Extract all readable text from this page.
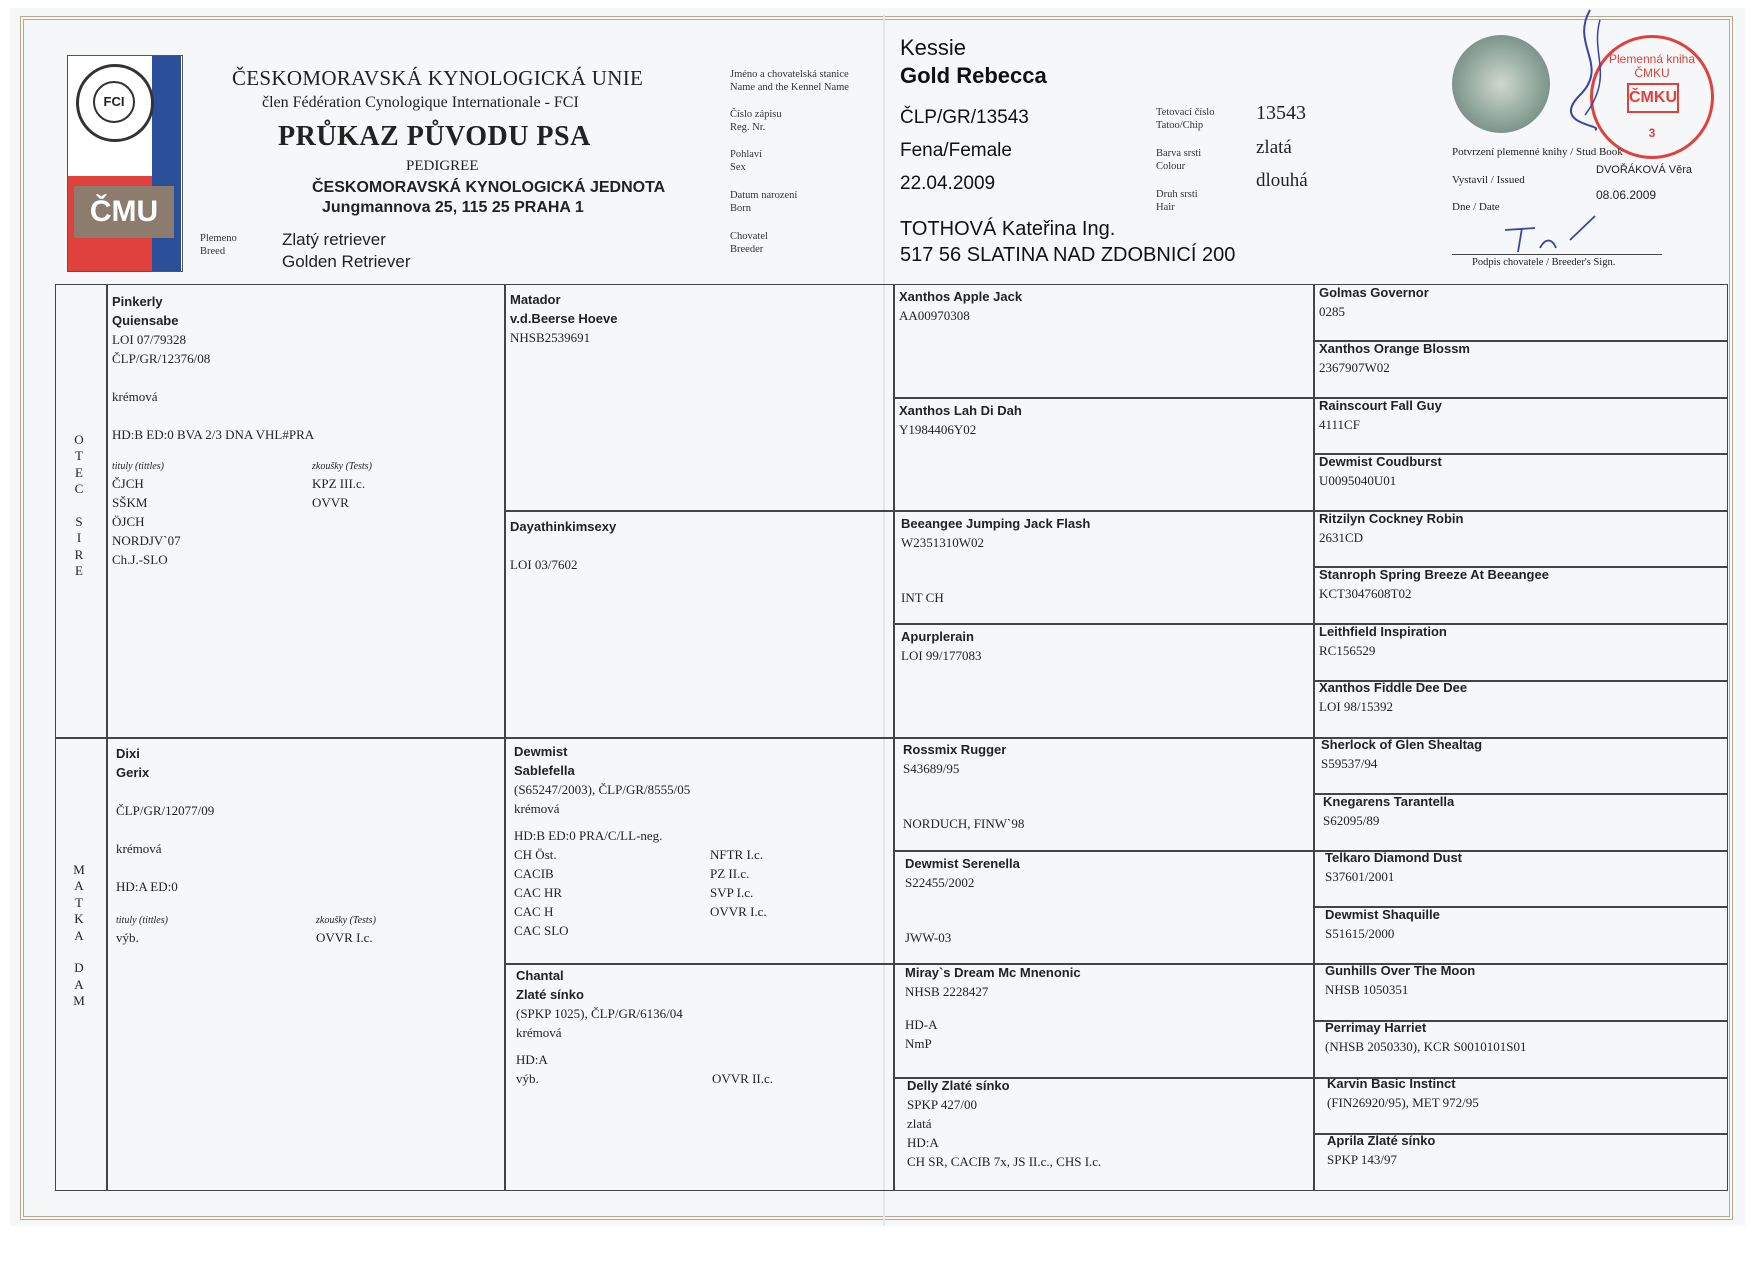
FCI
ČMU
ČESKOMORAVSKÁ KYNOLOGICKÁ UNIE
člen Fédération Cynologique Internationale - FCI
PRŮKAZ PŮVODU PSA
PEDIGREE
ČESKOMORAVSKÁ KYNOLOGICKÁ JEDNOTA
Jungmannova 25, 115 25 PRAHA 1
Plemeno
Breed
Zlatý retriever
Golden Retriever
Jméno a chovatelská stanice
Name and the Kennel Name
Číslo zápisu
Reg. Nr.
Pohlaví
Sex
Datum narození
Born
Chovatel
Breeder
Kessie
Gold Rebecca
ČLP/GR/13543
Fena/Female
22.04.2009
TOTHOVÁ Kateřina Ing.
517 56 SLATINA NAD ZDOBNICÍ 200
Tetovací číslo
Tatoo/Chip
Barva srsti
Colour
Druh srsti
Hair
13543
zlatá
dlouhá
Plemenná kniha ČMKU
ČMKU
3
Potvrzení plemenné knihy / Stud Book
Vystavil / Issued
DVOŘÁKOVÁ Věra
Dne / Date
08.06.2009
Podpis chovatele / Breeder's Sign.
O
T
E
C

S
I
R
E
M
A
T
K
A

D
A
M
Pinkerly
Quiensabe
LOI 07/79328
ČLP/GR/12376/08
krémová
HD:B ED:0 BVA 2/3 DNA VHL#PRA
tituly (tittles)
ČJCH
SŠKM
ÖJCH
NORDJV`07
Ch.J.-SLO
zkoušky (Tests)
KPZ III.c.
OVVR
Dixi
Gerix
ČLP/GR/12077/09
krémová
HD:A ED:0
tituly (tittles)
výb.
zkoušky (Tests)
OVVR I.c.
Matador
v.d.Beerse Hoeve
NHSB2539691
Dayathinkimsexy
LOI 03/7602
Dewmist
Sablefella
(S65247/2003), ČLP/GR/8555/05
krémová
HD:B ED:0 PRA/C/LL-neg.
CH Öst.
CACIB
CAC HR
CAC H
CAC SLO
NFTR I.c.
PZ II.c.
SVP I.c.
OVVR I.c.
Chantal
Zlaté sínko
(SPKP 1025), ČLP/GR/6136/04
krémová
HD:A
výb.	OVVR II.c.
Xanthos Apple Jack
AA00970308
Xanthos Lah Di Dah
Y1984406Y02
Beeangee Jumping Jack Flash
W2351310W02
INT CH
Apurplerain
LOI 99/177083
Rossmix Rugger
S43689/95
NORDUCH, FINW`98
Dewmist Serenella
S22455/2002
JWW-03
Miray`s Dream Mc Mnenonic
NHSB 2228427
HD-A
NmP
Delly Zlaté sínko
SPKP 427/00
zlatá
HD:A
CH SR, CACIB 7x, JS II.c., CHS I.c.
Golmas Governor
0285
Xanthos Orange Blossm
2367907W02
Rainscourt Fall Guy
4111CF
Dewmist Coudburst
U0095040U01
Ritzilyn Cockney Robin
2631CD
Stanroph Spring Breeze At Beeangee
KCT3047608T02
Leithfield Inspiration
RC156529
Xanthos Fiddle Dee Dee
LOI 98/15392
Sherlock of Glen Shealtag
S59537/94
Knegarens Tarantella
S62095/89
Telkaro Diamond Dust
S37601/2001
Dewmist Shaquille
S51615/2000
Gunhills Over The Moon
NHSB 1050351
Perrimay Harriet
(NHSB 2050330), KCR S0010101S01
Karvin Basic Instinct
(FIN26920/95), MET 972/95
Aprila Zlaté sínko
SPKP 143/97
